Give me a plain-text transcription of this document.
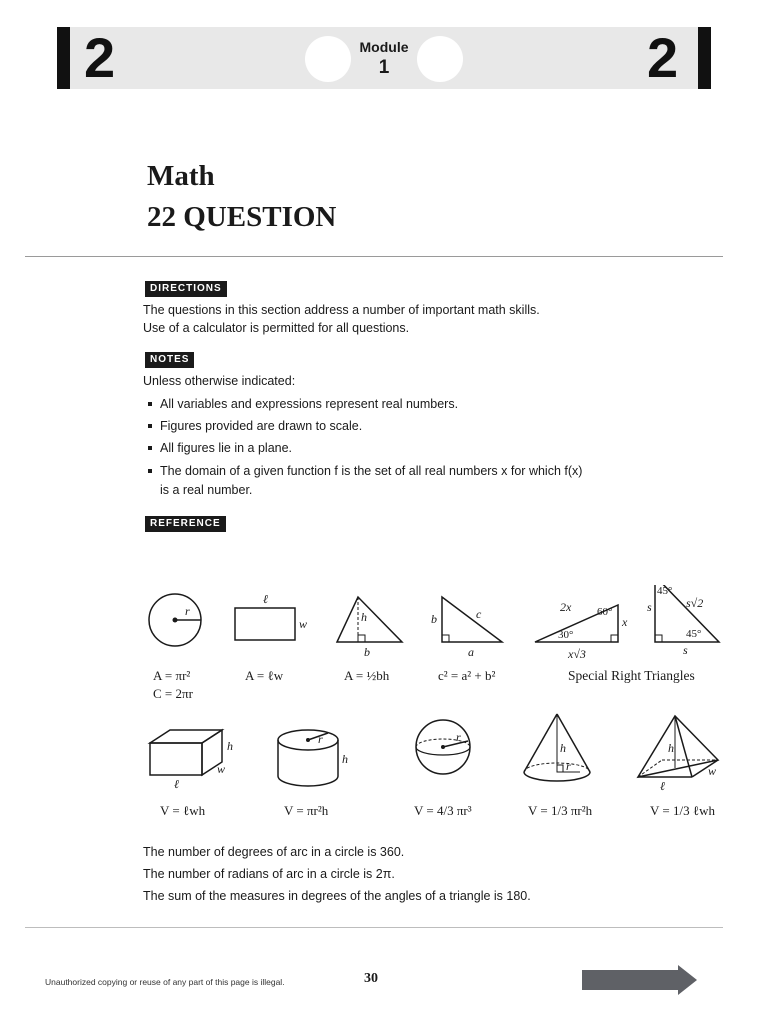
2	2
Module
1
Math
22 QUESTION
DIRECTIONS
The questions in this section address a number of important math skills.
Use of a calculator is permitted for all questions.
NOTES
Unless otherwise indicated:
All variables and expressions represent real numbers.
Figures provided are drawn to scale.
All figures lie in a plane.
The domain of a given function f is the set of all real numbers x for which f(x)
is a real number.
REFERENCE
r
ℓ
w	h
b
b	c
a
2x 60°
30°
x
x√3
45°
s	s√2
45°
s
A = πr²
C = 2πr
A = ℓw	A = ½bh	c² = a² + b²	Special Right Triangles
h
w
ℓ
r
h
r
h
r
h
w
ℓ
V = ℓwh	V = πr²h	V = 4/3 πr³	V = 1/3 πr²h	V = 1/3 ℓwh
The number of degrees of arc in a circle is 360.
The number of radians of arc in a circle is 2π.
The sum of the measures in degrees of the angles of a triangle is 180.
Unauthorized copying or reuse of any part of this page is illegal.	30
